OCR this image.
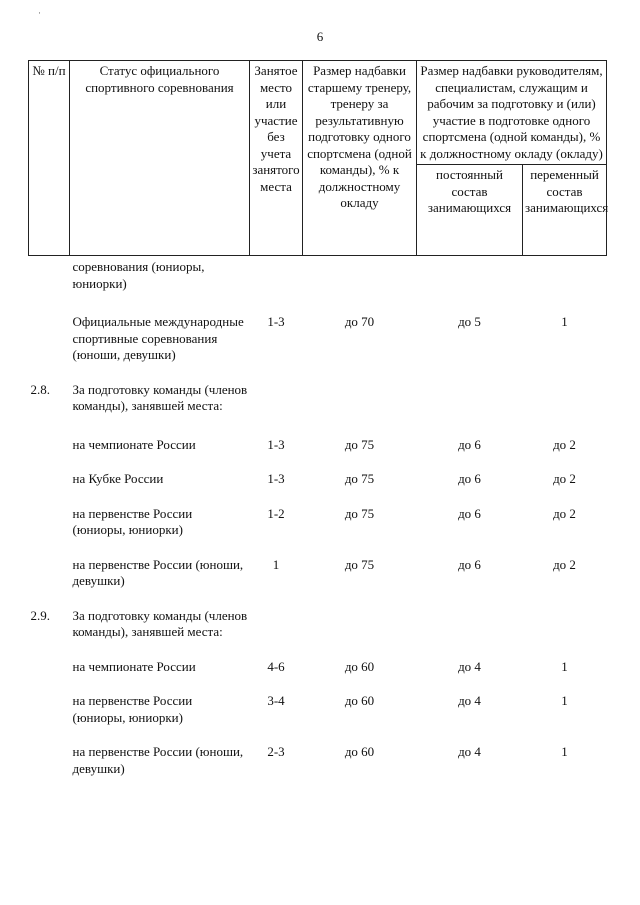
·
6
№ п/п	Статус официального спортивного соревнования	Занятое место или участие без учета занятого места	Размер надбавки старшему тренеру, тренеру за результативную подготовку одного спортсмена (одной команды), % к должностному окладу	Размер надбавки руководителям, специалистам, служащим и рабочим за подготовку и (или) участие в подготовке одного спортсмена (одной команды), % к должностному окладу (окладу)	
				постоянный состав занимающихся	переменный состав занимающихся
	соревнования (юниоры, юниорки)				
	Официальные международные спортивные соревнования (юноши, девушки)	1-3	до 70	до 5	1
2.8.	За подготовку команды (членов команды), занявшей места:				
	на чемпионате России	1-3	до 75	до 6	до 2
	на Кубке России	1-3	до 75	до 6	до 2
	на первенстве России (юниоры, юниорки)	1-2	до 75	до 6	до 2
	на первенстве России (юноши, девушки)	1	до 75	до 6	до 2
2.9.	За подготовку команды (членов команды), занявшей места:				
	на чемпионате России	4-6	до 60	до 4	1
	на первенстве России (юниоры, юниорки)	3-4	до 60	до 4	1
	на первенстве России (юноши, девушки)	2-3	до 60	до 4	1
